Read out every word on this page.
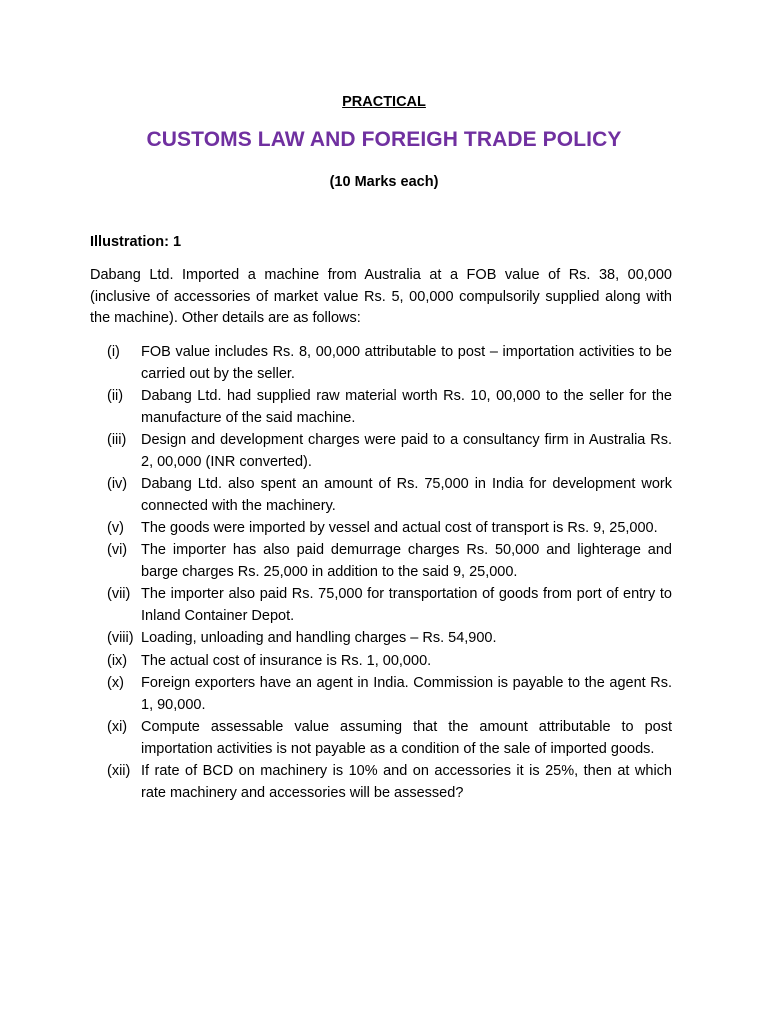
PRACTICAL
CUSTOMS LAW AND FOREIGH TRADE POLICY
(10 Marks each)
Illustration: 1
Dabang Ltd. Imported a machine from Australia at a FOB value of Rs. 38, 00,000 (inclusive of accessories of market value Rs. 5, 00,000 compulsorily supplied along with the machine). Other details are as follows:
(i)	FOB value includes Rs. 8, 00,000 attributable to post – importation activities to be carried out by the seller.
(ii)	Dabang Ltd. had supplied raw material worth Rs. 10, 00,000 to the seller for the manufacture of the said machine.
(iii)	Design and development charges were paid to a consultancy firm in Australia Rs. 2, 00,000 (INR converted).
(iv) Dabang Ltd. also spent an amount of Rs. 75,000 in India for development work connected with the machinery.
(v)	The goods were imported by vessel and actual cost of transport is Rs. 9, 25,000.
(vi) The importer has also paid demurrage charges Rs. 50,000 and lighterage and barge charges Rs. 25,000 in addition to the said 9, 25,000.
(vii) The importer also paid Rs. 75,000 for transportation of goods from port of entry to Inland Container Depot.
(viii) Loading, unloading and handling charges – Rs. 54,900.
(ix) The actual cost of insurance is Rs. 1, 00,000.
(x)	Foreign exporters have an agent in India. Commission is payable to the agent Rs. 1, 90,000.
(xi) Compute assessable value assuming that the amount attributable to post importation activities is not payable as a condition of the sale of imported goods.
(xii) If rate of BCD on machinery is 10% and on accessories it is 25%, then at which rate machinery and accessories will be assessed?
